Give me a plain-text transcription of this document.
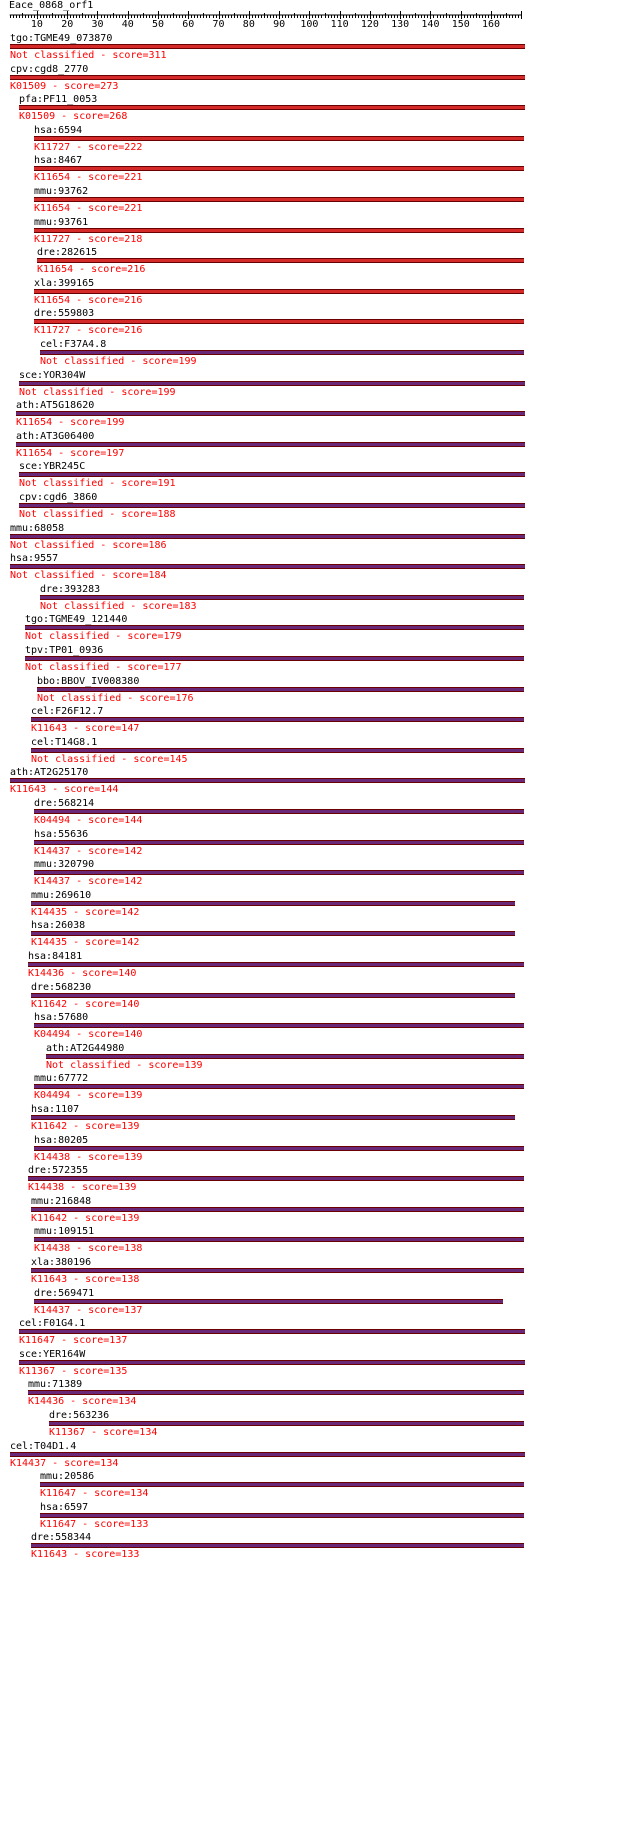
Eace_0868_orf1
10 20 30 40 50 60 70 80 90 100 110 120 130 140 150 160
tgo:TGME49_073870
Not classified - score=311
cpv:cgd8_2770
K01509 - score=273
pfa:PF11_0053
K01509 - score=268
hsa:6594
K11727 - score=222
hsa:8467
K11654 - score=221
mmu:93762
K11654 - score=221
mmu:93761
K11727 - score=218
dre:282615
K11654 - score=216
xla:399165
K11654 - score=216
dre:559803
K11727 - score=216
cel:F37A4.8
Not classified - score=199
sce:YOR304W
Not classified - score=199
ath:AT5G18620
K11654 - score=199
ath:AT3G06400
K11654 - score=197
sce:YBR245C
Not classified - score=191
cpv:cgd6_3860
Not classified - score=188
mmu:68058
Not classified - score=186
hsa:9557
Not classified - score=184
dre:393283
Not classified - score=183
tgo:TGME49_121440
Not classified - score=179
tpv:TP01_0936
Not classified - score=177
bbo:BBOV_IV008380
Not classified - score=176
cel:F26F12.7
K11643 - score=147
cel:T14G8.1
Not classified - score=145
ath:AT2G25170
K11643 - score=144
dre:568214
K04494 - score=144
hsa:55636
K14437 - score=142
mmu:320790
K14437 - score=142
mmu:269610
K14435 - score=142
hsa:26038
K14435 - score=142
hsa:84181
K14436 - score=140
dre:568230
K11642 - score=140
hsa:57680
K04494 - score=140
ath:AT2G44980
Not classified - score=139
mmu:67772
K04494 - score=139
hsa:1107
K11642 - score=139
hsa:80205
K14438 - score=139
dre:572355
K14438 - score=139
mmu:216848
K11642 - score=139
mmu:109151
K14438 - score=138
xla:380196
K11643 - score=138
dre:569471
K14437 - score=137
cel:F01G4.1
K11647 - score=137
sce:YER164W
K11367 - score=135
mmu:71389
K14436 - score=134
dre:563236
K11367 - score=134
cel:T04D1.4
K14437 - score=134
mmu:20586
K11647 - score=134
hsa:6597
K11647 - score=133
dre:558344
K11643 - score=133
